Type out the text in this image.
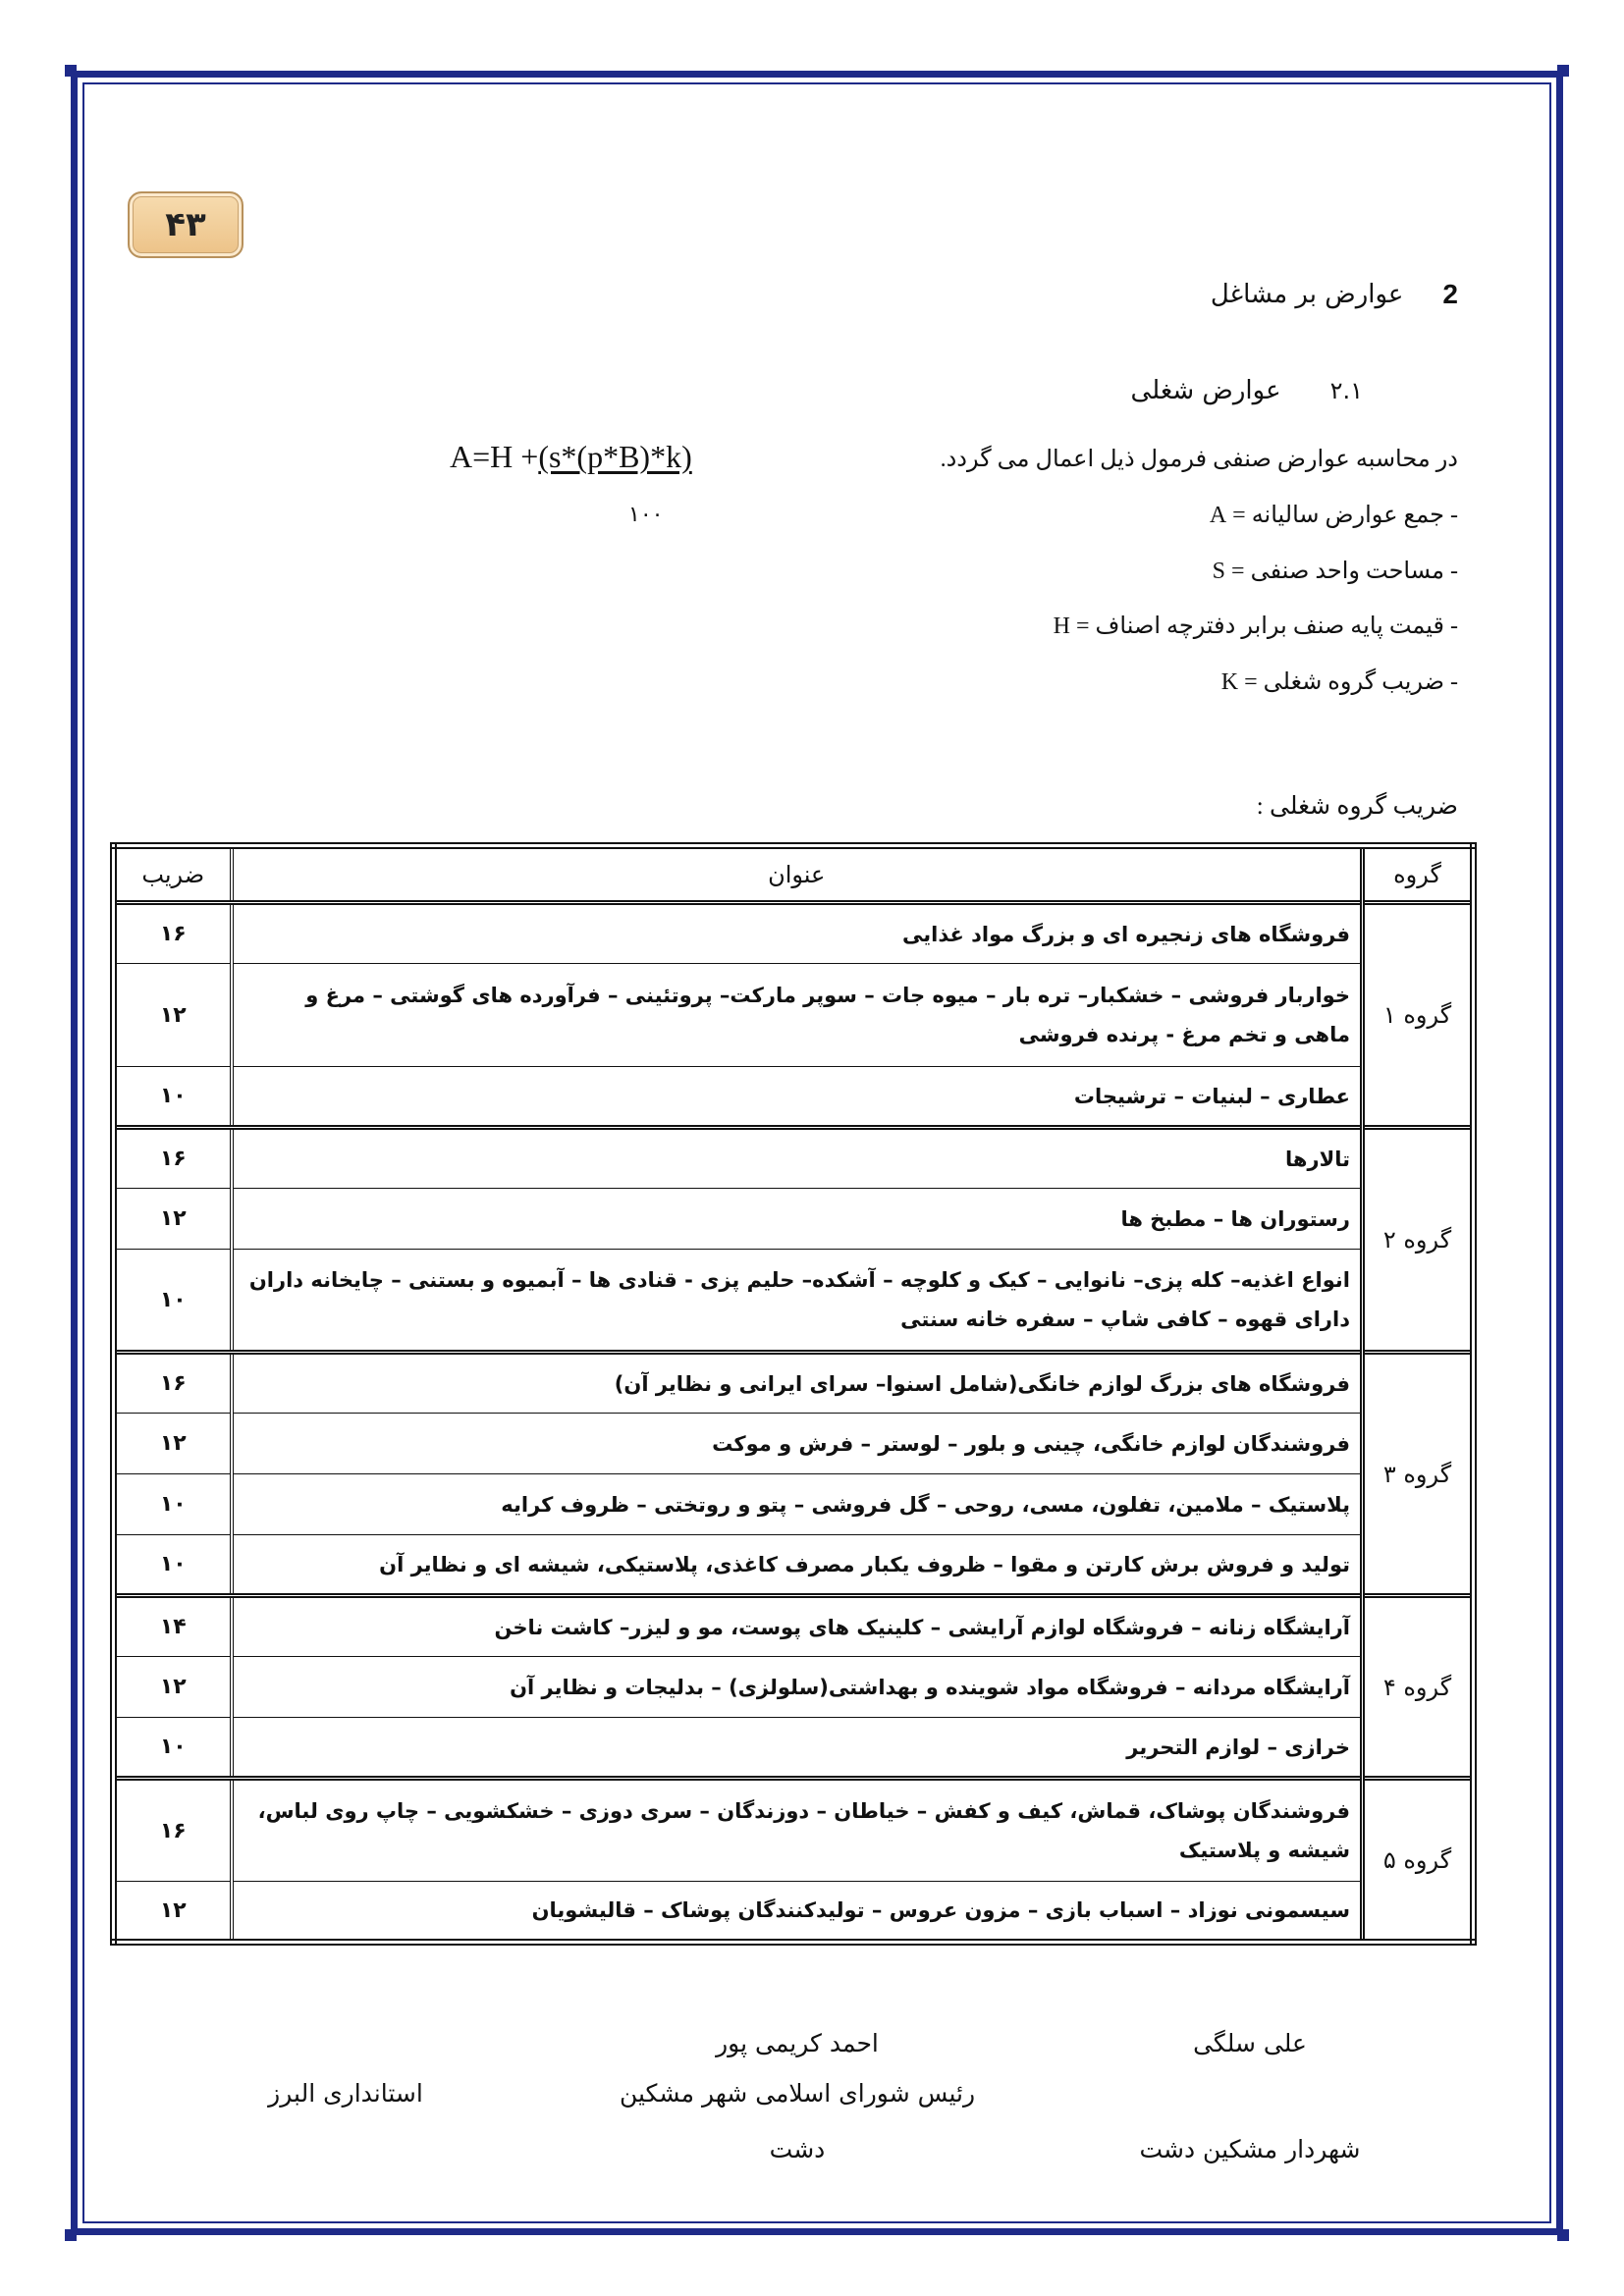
۴۳
2
عوارض بر مشاغل
۲.۱
عوارض شغلی
در محاسبه عوارض صنفی فرمول ذیل اعمال می گردد.
A=H +(s*(p*B)*k)
۱۰۰	- جمع عوارض سالیانه = A
- مساحت واحد صنفی = S
- قیمت پایه صنف برابر دفترچه اصناف = H
- ضریب گروه شغلی = K
ضریب گروه شغلی :
گروه	عنوان	ضریب
گروه ۱	فروشگاه های زنجیره ای و بزرگ مواد غذایی	۱۶
	خواربار فروشی – خشکبار– تره بار – میوه جات – سوپر مارکت– پروتئینی – فرآورده های گوشتی – مرغ و ماهی و تخم مرغ - پرنده فروشی	۱۲
	عطاری – لبنیات – ترشیجات	۱۰
گروه ۲	تالارها	۱۶
	رستوران ها – مطبخ ها	۱۲
	انواع اغذیه– کله پزی– نانوایی – کیک و کلوچه – آشکده– حلیم پزی - قنادی ها – آبمیوه و بستنی – چایخانه داران دارای قهوه – کافی شاپ – سفره خانه سنتی	۱۰
گروه ۳	فروشگاه های بزرگ لوازم خانگی(شامل اسنوا– سرای ایرانی و نظایر آن)	۱۶
	فروشندگان لوازم خانگی، چینی و بلور – لوستر – فرش و موکت	۱۲
	پلاستیک – ملامین، تفلون، مسی، روحی – گل فروشی – پتو و روتختی – ظروف کرایه	۱۰
	تولید و فروش برش کارتن و مقوا – ظروف یکبار مصرف کاغذی، پلاستیکی، شیشه ای و نظایر آن	۱۰
گروه ۴	آرایشگاه زنانه – فروشگاه لوازم آرایشی – کلینیک های پوست، مو و لیزر– کاشت ناخن	۱۴
	آرایشگاه مردانه – فروشگاه مواد شوینده و بهداشتی(سلولزی) – بدلیجات و نظایر آن	۱۲
	خرازی – لوازم التحریر	۱۰
گروه ۵	فروشندگان پوشاک، قماش، کیف و کفش – خیاطان – دوزندگان – سری دوزی – خشکشویی – چاپ روی لباس، شیشه و پلاستیک	۱۶
	سیسمونی نوزاد – اسباب بازی – مزون عروس – تولیدکنندگان پوشاک – قالیشویان	۱۲
علی سلگی
احمد کریمی پور
استانداری البرز	رئیس شورای اسلامی شهر مشکین
دشت	شهردار مشکین دشت
